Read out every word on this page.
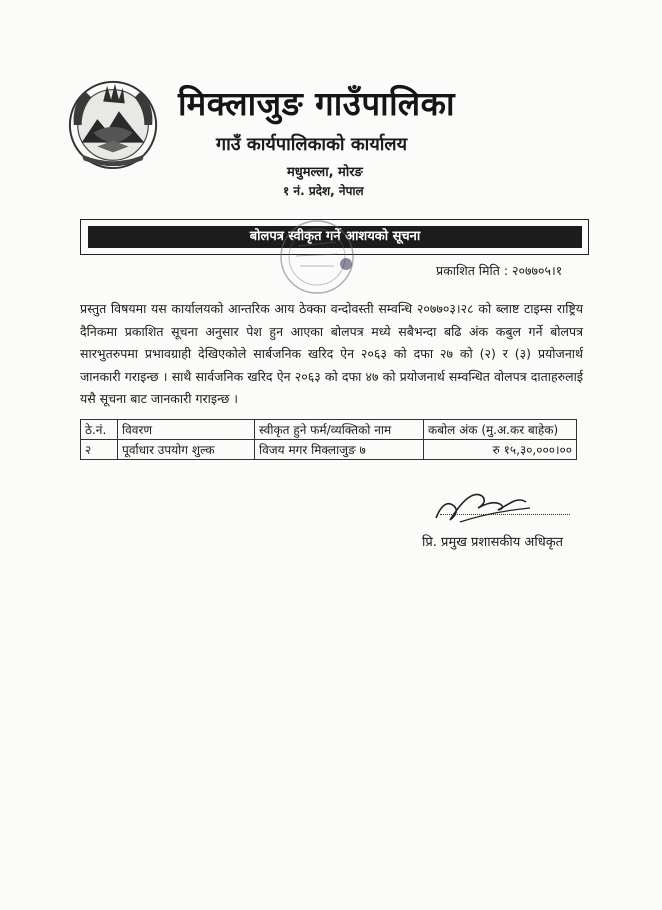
मिक्लाजुङ गाउँपालिका
गाउँ कार्यपालिकाको कार्यालय
मधुमल्ला, मोरङ
१ नं. प्रदेश, नेपाल
बोलपत्र स्वीकृत गर्ने आशयको सूचना
प्रकाशित मिति : २०७७०५।१
प्रस्तुत विषयमा यस कार्यालयको आन्तरिक आय ठेक्का वन्दोवस्ती सम्वन्धि २०७७०३।२८ को ब्लाष्ट टाइम्स राष्ट्रिय दैनिकमा प्रकाशित सूचना अनुसार पेश हुन आएका बोलपत्र मध्ये सबैभन्दा बढि अंक कबुल गर्ने बोलपत्र सारभुतरुपमा प्रभावग्राही देखिएकोले सार्बजनिक खरिद ऐन २०६३ को दफा २७ को (२) र (३) प्रयोजनार्थ जानकारी गराइन्छ । साथै सार्वजनिक खरिद ऐन २०६३ को दफा ४७ को प्रयोजनार्थ सम्वन्धित वोलपत्र दाताहरुलाई यसै सूचना बाट जानकारी गराइन्छ ।
ठे.नं.	विवरण	स्वीकृत हुने फर्म/व्यक्तिको नाम	कबोल अंक (मु.अ.कर बाहेक)
२	पूर्वाधार उपयोग शुल्क	विजय मगर मिक्लाजुङ ७	रु १५,३०,०००।००
प्रि. प्रमुख प्रशासकीय अधिकृत
